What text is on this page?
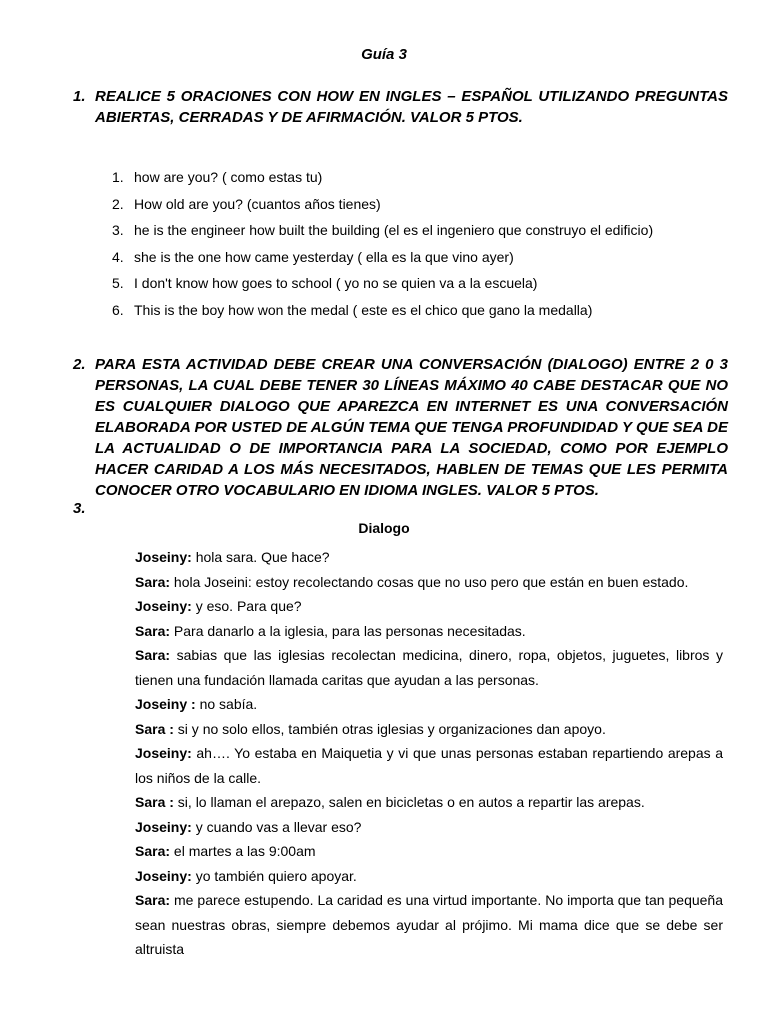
Guía 3
1. REALICE 5 ORACIONES CON HOW EN INGLES – ESPAÑOL UTILIZANDO PREGUNTAS ABIERTAS, CERRADAS Y DE AFIRMACIÓN. VALOR 5 PTOS.
1. how are you? ( como estas tu)
2. How old are you? (cuantos años tienes)
3. he is the engineer how built the building (el es el ingeniero que construyo el edificio)
4. she is the one how came yesterday ( ella es la que vino ayer)
5. I don't know how goes to school ( yo no se quien va a la escuela)
6. This is the boy how won the medal ( este es el chico que gano la medalla)
2. PARA ESTA ACTIVIDAD DEBE CREAR UNA CONVERSACIÓN (DIALOGO) ENTRE 2 0 3 PERSONAS, LA CUAL DEBE TENER 30 LÍNEAS MÁXIMO 40 CABE DESTACAR QUE NO ES CUALQUIER DIALOGO QUE APAREZCA EN INTERNET ES UNA CONVERSACIÓN ELABORADA POR USTED DE ALGÚN TEMA QUE TENGA PROFUNDIDAD Y QUE SEA DE LA ACTUALIDAD O DE IMPORTANCIA PARA LA SOCIEDAD, COMO POR EJEMPLO HACER CARIDAD A LOS MÁS NECESITADOS, HABLEN DE TEMAS QUE LES PERMITA CONOCER OTRO VOCABULARIO EN IDIOMA INGLES. VALOR 5 PTOS.
3.
Dialogo
Joseiny: hola sara. Que hace?
Sara: hola Joseini: estoy recolectando cosas que no uso pero que están en buen estado.
Joseiny: y eso. Para que?
Sara: Para danarlo a la iglesia, para las personas necesitadas.
Sara: sabias que las iglesias recolectan medicina, dinero, ropa, objetos, juguetes, libros y tienen una fundación llamada caritas que ayudan a las personas.
Joseiny : no sabía.
Sara : si y no solo ellos, también otras iglesias y organizaciones dan apoyo.
Joseiny: ah…. Yo estaba en Maiquetia y vi que unas personas estaban repartiendo arepas a los niños de la calle.
Sara : si, lo llaman el arepazo, salen en bicicletas o en autos a repartir las arepas.
Joseiny: y cuando vas a llevar eso?
Sara: el martes a las 9:00am
Joseiny: yo también quiero apoyar.
Sara: me parece estupendo. La caridad es una virtud importante. No importa que tan pequeña sean nuestras obras, siempre debemos ayudar al prójimo. Mi mama dice que se debe ser altruista
